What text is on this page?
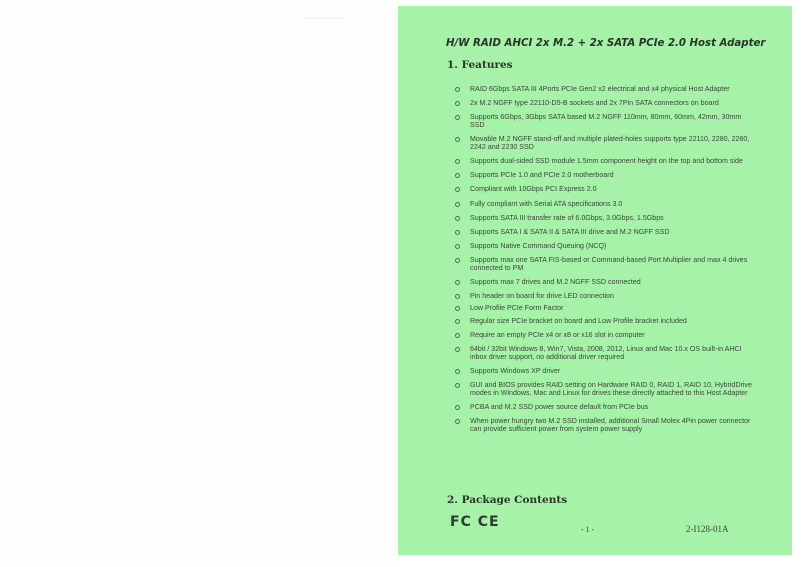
H/W RAID AHCI 2x M.2 + 2x SATA PCIe 2.0 Host Adapter
1. Features
RAID 6Gbps SATA III 4Ports PCIe Gen2 x2 electrical and x4 physical Host Adapter
2x M.2 NGFF type 22110-D5-B sockets and 2x 7Pin SATA connectors on board
Supports 6Gbps, 3Gbps SATA based M.2 NGFF 110mm, 80mm, 60mm, 42mm, 30mm SSD
Movable M.2 NGFF stand-off and multiple plated-holes supports type 22110, 2280, 2260, 2242 and 2230 SSD
Supports dual-sided SSD module 1.5mm component height on the top and bottom side
Supports PCIe 1.0 and PCIe 2.0 motherboard
Compliant with 10Gbps PCI Express 2.0
Fully compliant with Serial ATA specifications 3.0
Supports SATA III transfer rate of 6.0Gbps, 3.0Gbps, 1.5Gbps
Supports SATA I & SATA II & SATA III drive and M.2 NGFF SSD
Supports Native Command Queuing (NCQ)
Supports max one SATA FIS-based or Command-based Port Multiplier and max 4 drives connected to PM
Supports max 7 drives and M.2 NGFF SSD connected
Pin header on board for drive LED connection
Low Profile PCIe Form Factor
Regular size PCIe bracket on board and Low Profile bracket included
Require an empty PCIe x4 or x8 or x16 slot in computer
64bit / 32bit Windows 8, Win7, Vista, 2008, 2012, Linux and Mac 10.x OS built-in AHCI inbox driver support, no additional driver required
Supports Windows XP driver
GUI and BIOS provides RAID setting on Hardware RAID 0, RAID 1, RAID 10, HybridDrive modes in Windows, Mac and Linux for drives these directly attached to this Host Adapter
PCBA and M.2 SSD power source default from PCIe bus
When power hungry two M.2 SSD installed, additional Small Molex 4Pin power connector can provide sufficient power from system power supply
2. Package Contents
FC CE	- 1 -	2-I128-01A
